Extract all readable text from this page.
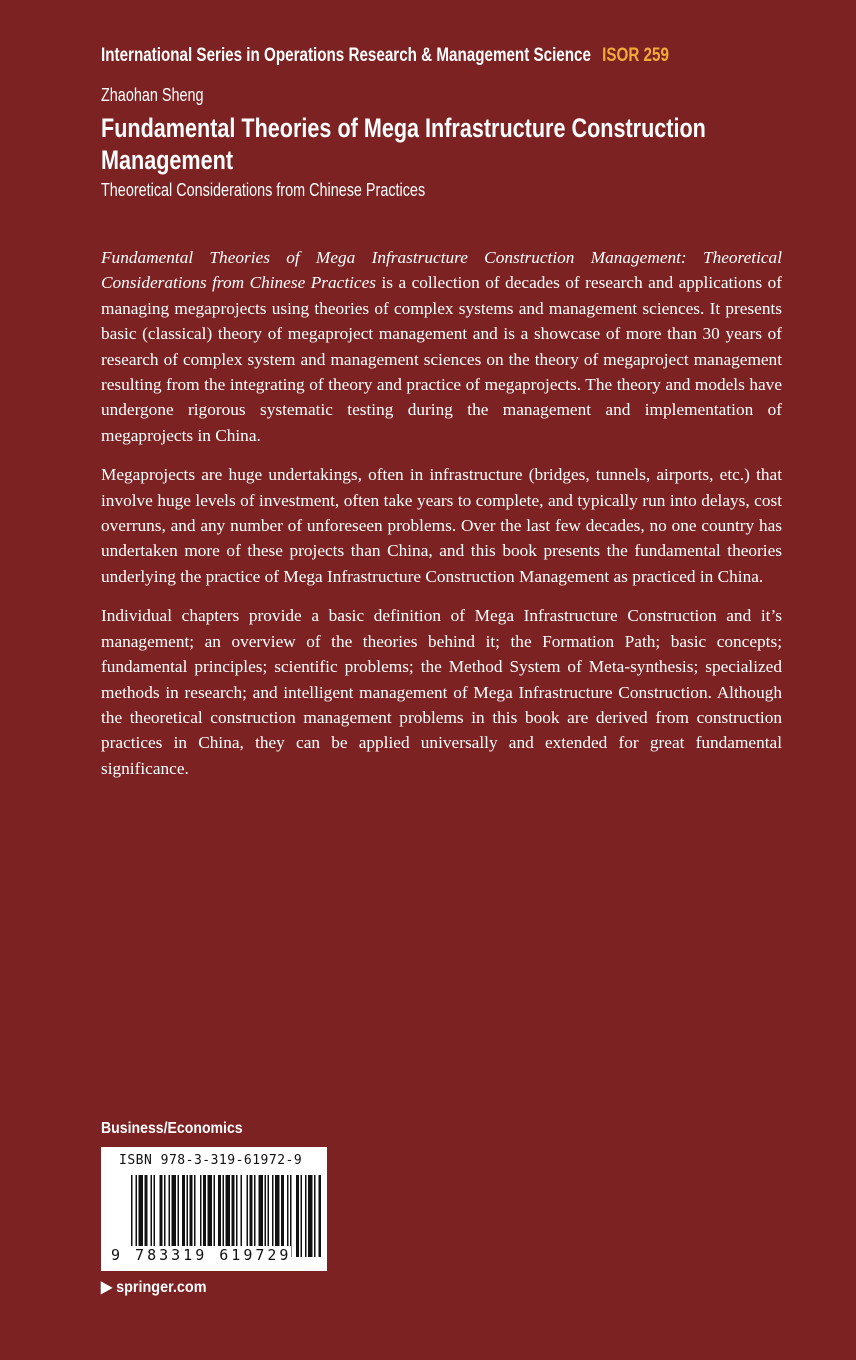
International Series in Operations Research & Management Science ISOR 259
Zhaohan Sheng
Fundamental Theories of Mega Infrastructure Construction
Management
Theoretical Considerations from Chinese Practices

Fundamental Theories of Mega Infrastructure Construction Management: Theoretical Considerations from Chinese Practices is a collection of decades of research and applications of managing megaprojects using theories of complex systems and management sciences. It presents basic (classical) theory of megaproject management and is a showcase of more than 30 years of research of complex system and management sciences on the theory of megaproject management resulting from the integrating of theory and practice of megaprojects. The theory and models have undergone rigorous systematic testing during the management and implementation of megaprojects in China.

Megaprojects are huge undertakings, often in infrastructure (bridges, tunnels, airports, etc.) that involve huge levels of investment, often take years to complete, and typically run into delays, cost overruns, and any number of unforeseen problems. Over the last few decades, no one country has undertaken more of these projects than China, and this book presents the fundamental theories underlying the practice of Mega Infrastructure Construction Management as practiced in China.

Individual chapters provide a basic definition of Mega Infrastructure Construction and it’s management; an overview of the theories behind it; the Formation Path; basic concepts; fundamental principles; scientific problems; the Method System of Meta-synthesis; specialized methods in research; and intelligent management of Mega Infrastructure Construction. Although the theoretical construction management problems in this book are derived from construction practices in China, they can be applied universally and extended for great fundamental significance.

Business/Economics
ISBN 978-3-319-61972-9
9 783319 619729
▶ springer.com
